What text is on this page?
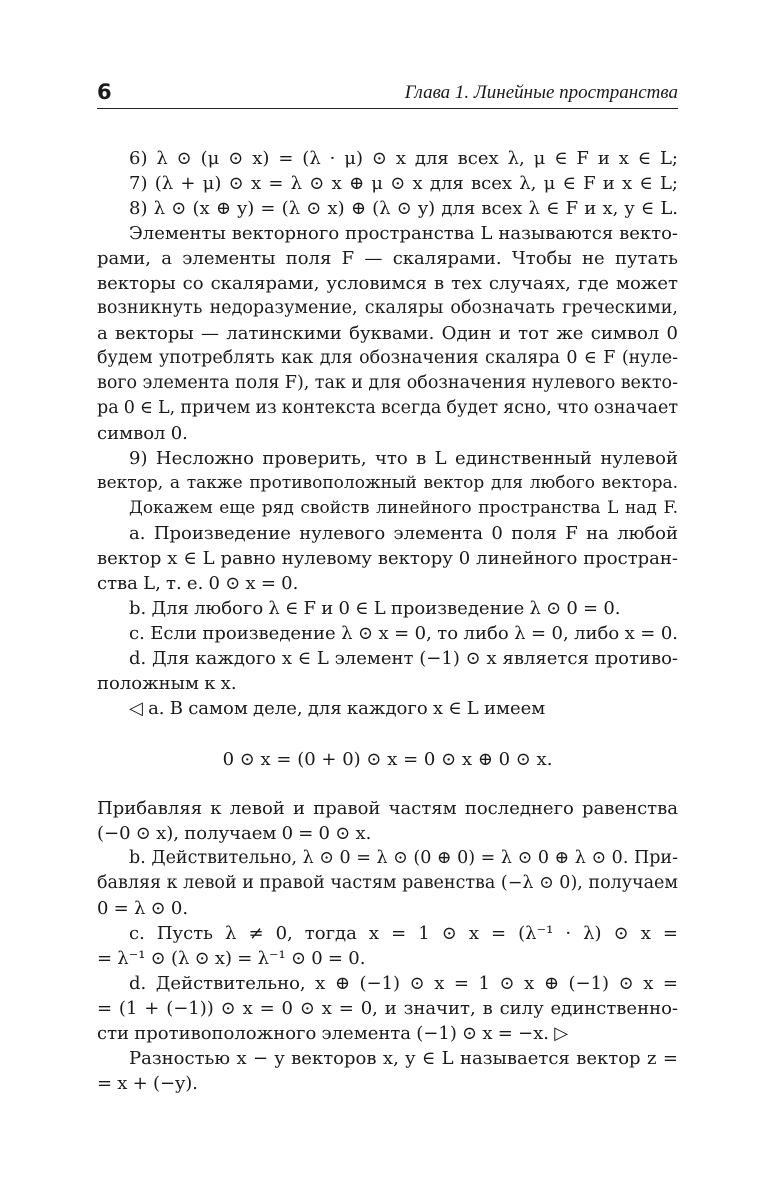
6	Глава 1. Линейные пространства

6) λ ⊙ (μ ⊙ x) = (λ · μ) ⊙ x для всех λ, μ ∈ F и x ∈ L;

7) (λ + μ) ⊙ x = λ ⊙ x ⊕ μ ⊙ x для всех λ, μ ∈ F и x ∈ L;

8) λ ⊙ (x ⊕ y) = (λ ⊙ x) ⊕ (λ ⊙ y) для всех λ ∈ F и x, y ∈ L.

Элементы векторного пространства L называются векто-

рами, а элементы поля F — скалярами. Чтобы не путать

векторы со скалярами, условимся в тех случаях, где может

возникнуть недоразумение, скаляры обозначать греческими,

а векторы — латинскими буквами. Один и тот же символ 0

будем употреблять как для обозначения скаляра 0 ∈ F (нуле-

вого элемента поля F), так и для обозначения нулевого векто-

ра 0 ∈ L, причем из контекста всегда будет ясно, что означает

символ 0.

9) Несложно проверить, что в L единственный нулевой

вектор, а также противоположный вектор для любого вектора.

Докажем еще ряд свойств линейного пространства L над F.

a. Произведение нулевого элемента 0 поля F на любой

вектор x ∈ L равно нулевому вектору 0 линейного простран-

ства L, т. е. 0 ⊙ x = 0.

b. Для любого λ ∈ F и 0 ∈ L произведение λ ⊙ 0 = 0.

c. Если произведение λ ⊙ x = 0, то либо λ = 0, либо x = 0.

d. Для каждого x ∈ L элемент (−1) ⊙ x является противо-

положным к x.

◁ a. В самом деле, для каждого x ∈ L имеем

0 ⊙ x = (0 + 0) ⊙ x = 0 ⊙ x ⊕ 0 ⊙ x.

Прибавляя к левой и правой частям последнего равенства

(−0 ⊙ x), получаем 0 = 0 ⊙ x.

b. Действительно, λ ⊙ 0 = λ ⊙ (0 ⊕ 0) = λ ⊙ 0 ⊕ λ ⊙ 0. При-

бавляя к левой и правой частям равенства (−λ ⊙ 0), получаем

0 = λ ⊙ 0.

c. Пусть λ ≠ 0, тогда x = 1 ⊙ x = (λ⁻¹ · λ) ⊙ x =

= λ⁻¹ ⊙ (λ ⊙ x) = λ⁻¹ ⊙ 0 = 0.

d. Действительно, x ⊕ (−1) ⊙ x = 1 ⊙ x ⊕ (−1) ⊙ x =

= (1 + (−1)) ⊙ x = 0 ⊙ x = 0, и значит, в силу единственно-

сти противоположного элемента (−1) ⊙ x = −x. ▷

Разностью x − y векторов x, y ∈ L называется вектор z =

= x + (−y).
